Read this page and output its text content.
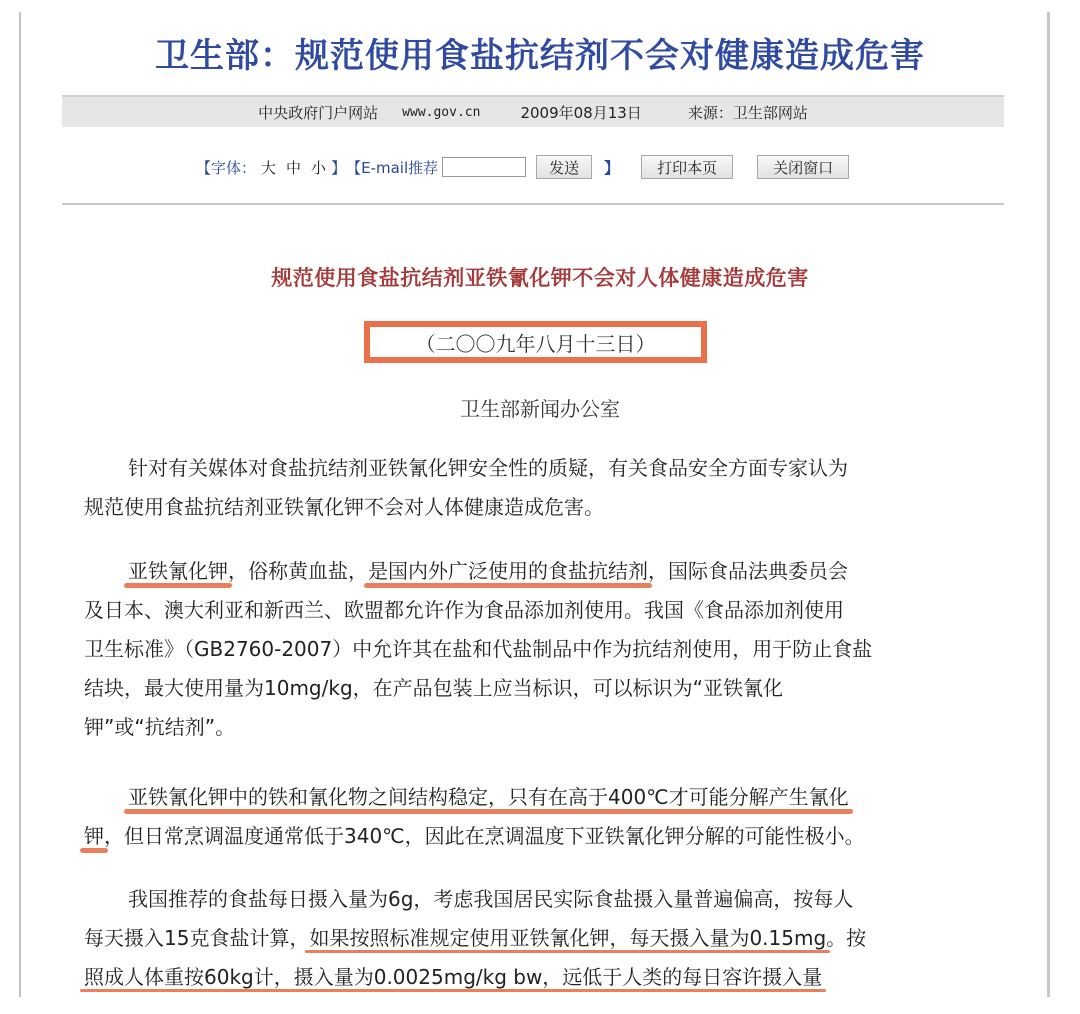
卫生部：规范使用食盐抗结剂不会对健康造成危害
中央政府门户网站 www.gov.cn	2009年08月13日	来源：卫生部网站
【字体： 大 中 小 】 【E-mail推荐	发送	】	打印本页	关闭窗口
规范使用食盐抗结剂亚铁氰化钾不会对人体健康造成危害
（二〇〇九年八月十三日）
卫生部新闻办公室
针对有关媒体对食盐抗结剂亚铁氰化钾安全性的质疑，有关食品安全方面专家认为
规范使用食盐抗结剂亚铁氰化钾不会对人体健康造成危害。
亚铁氰化钾，俗称黄血盐，是国内外广泛使用的食盐抗结剂，国际食品法典委员会
及日本、澳大利亚和新西兰、欧盟都允许作为食品添加剂使用。我国《食品添加剂使用
卫生标准》（GB2760-2007）中允许其在盐和代盐制品中作为抗结剂使用，用于防止食盐
结块，最大使用量为10mg/kg，在产品包装上应当标识，可以标识为“亚铁氰化
钾”或“抗结剂”。
亚铁氰化钾中的铁和氰化物之间结构稳定，只有在高于400℃才可能分解产生氰化
钾，但日常烹调温度通常低于340℃，因此在烹调温度下亚铁氰化钾分解的可能性极小。
我国推荐的食盐每日摄入量为6g，考虑我国居民实际食盐摄入量普遍偏高，按每人
每天摄入15克食盐计算，如果按照标准规定使用亚铁氰化钾，每天摄入量为0.15mg。按
照成人体重按60kg计，摄入量为0.0025mg/kg bw，远低于人类的每日容许摄入量
